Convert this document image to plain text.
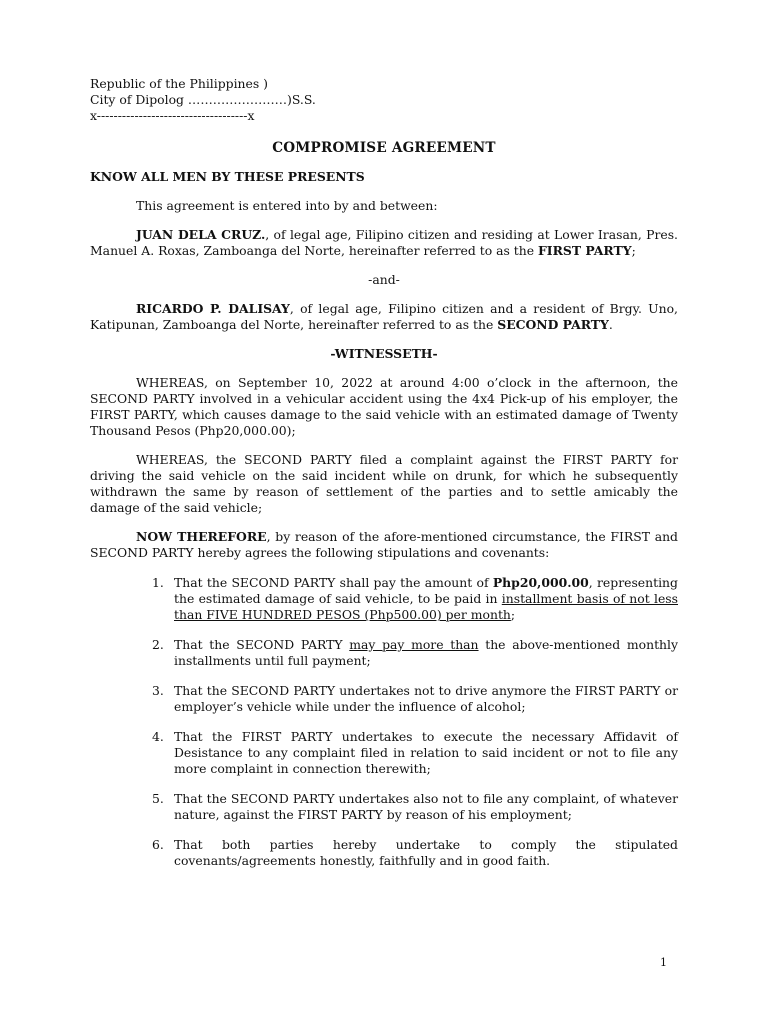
Republic of the Philippines )

City of Dipolog ……………………)S.S.

x------------------------------------x

COMPROMISE AGREEMENT

KNOW ALL MEN BY THESE PRESENTS

This agreement is entered into by and between:

JUAN DELA CRUZ., of legal age, Filipino citizen and residing at Lower Irasan, Pres. Manuel A. Roxas, Zamboanga del Norte, hereinafter referred to as the FIRST PARTY;

-and-

RICARDO P. DALISAY, of legal age, Filipino citizen and a resident of Brgy. Uno, Katipunan, Zamboanga del Norte, hereinafter referred to as the SECOND PARTY.

-WITNESSETH-

WHEREAS, on September 10, 2022 at around 4:00 o’clock in the afternoon, the SECOND PARTY involved in a vehicular accident using the 4x4 Pick-up of his employer, the FIRST PARTY, which causes damage to the said vehicle with an estimated damage of Twenty Thousand Pesos (Php20,000.00);

WHEREAS, the SECOND PARTY filed a complaint against the FIRST PARTY for driving the said vehicle on the said incident while on drunk, for which he subsequently withdrawn the same by reason of settlement of the parties and to settle amicably the damage of the said vehicle;

NOW THEREFORE, by reason of the afore-mentioned circumstance, the FIRST and SECOND PARTY hereby agrees the following stipulations and covenants:

1. That the SECOND PARTY shall pay the amount of Php20,000.00, representing the estimated damage of said vehicle, to be paid in installment basis of not less than FIVE HUNDRED PESOS (Php500.00) per month;
2. That the SECOND PARTY may pay more than the above-mentioned monthly installments until full payment;
3. That the SECOND PARTY undertakes not to drive anymore the FIRST PARTY or employer’s vehicle while under the influence of alcohol;
4. That the FIRST PARTY undertakes to execute the necessary Affidavit of Desistance to any complaint filed in relation to said incident or not to file any more complaint in connection therewith;
5. That the SECOND PARTY undertakes also not to file any complaint, of whatever nature, against the FIRST PARTY by reason of his employment;
6. That both parties hereby undertake to comply the stipulated covenants/agreements honestly, faithfully and in good faith.
1
